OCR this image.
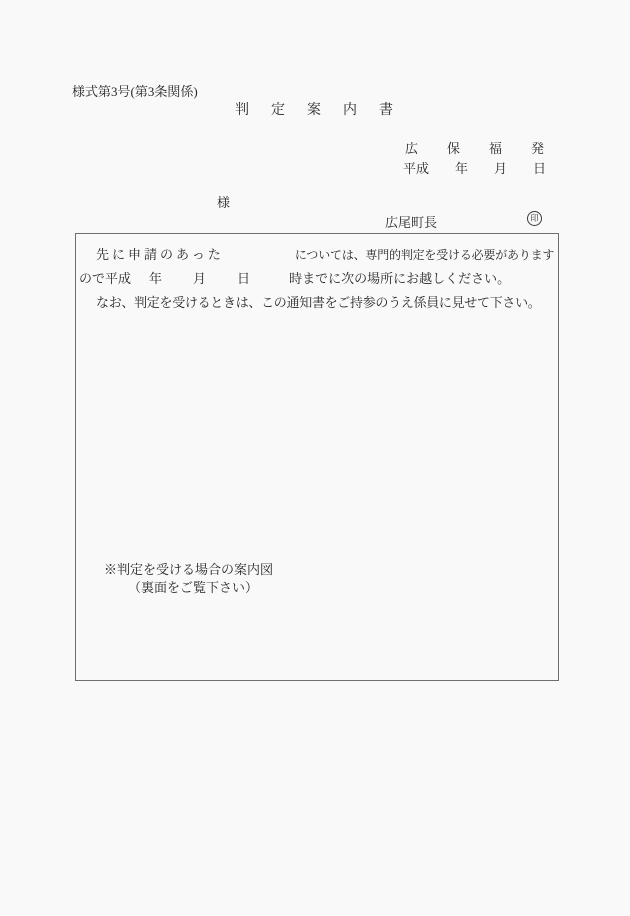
様式第3号(第3条関係)
判　定　案　内　書
広　保　福　発
平成　　年　　月　　日
様
広尾町長	印
先に申請のあった	については、専門的判定を受ける必要があります
ので平成 年 月 日	時までに次の場所にお越しください。
なお、判定を受けるときは、この通知書をご持参のうえ係員に見せて下さい。
※判定を受ける場合の案内図
（裏面をご覧下さい）
